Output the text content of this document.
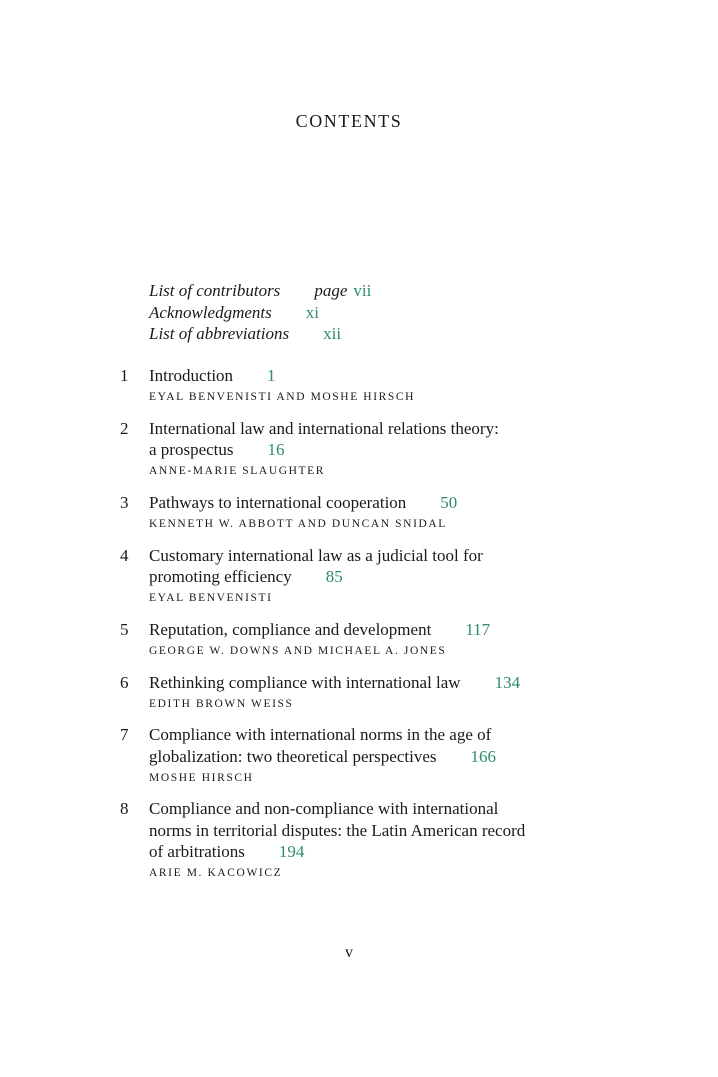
CONTENTS
List of contributors page vii
Acknowledgments xi
List of abbreviations xii
1 Introduction 1
EYAL BENVENISTI AND MOSHE HIRSCH
2 International law and international relations theory:
a prospectus 16
ANNE-MARIE SLAUGHTER
3 Pathways to international cooperation 50
KENNETH W. ABBOTT AND DUNCAN SNIDAL
4 Customary international law as a judicial tool for
promoting efficiency 85
EYAL BENVENISTI
5 Reputation, compliance and development 117
GEORGE W. DOWNS AND MICHAEL A. JONES
6 Rethinking compliance with international law 134
EDITH BROWN WEISS
7 Compliance with international norms in the age of
globalization: two theoretical perspectives 166
MOSHE HIRSCH
8 Compliance and non-compliance with international
norms in territorial disputes: the Latin American record
of arbitrations 194
ARIE M. KACOWICZ
v
